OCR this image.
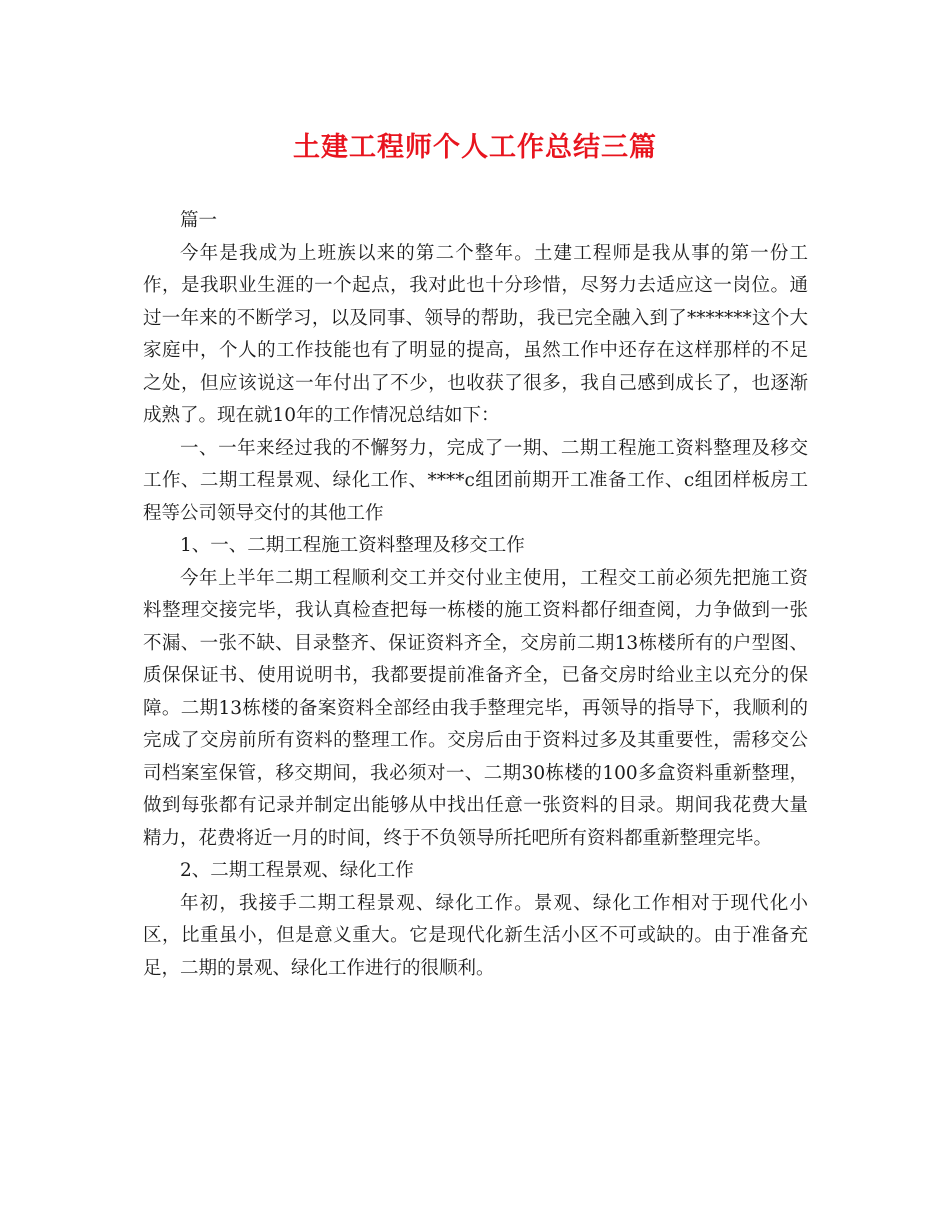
土建工程师个人工作总结三篇

篇一

今年是我成为上班族以来的第二个整年。土建工程师是我从事的第一份工作，是我职业生涯的一个起点，我对此也十分珍惜，尽努力去适应这一岗位。通过一年来的不断学习，以及同事、领导的帮助，我已完全融入到了*******这个大家庭中，个人的工作技能也有了明显的提高，虽然工作中还存在这样那样的不足之处，但应该说这一年付出了不少，也收获了很多，我自己感到成长了，也逐渐成熟了。现在就10年的工作情况总结如下：

一、一年来经过我的不懈努力，完成了一期、二期工程施工资料整理及移交工作、二期工程景观、绿化工作、****c组团前期开工准备工作、c组团样板房工程等公司领导交付的其他工作

1、一、二期工程施工资料整理及移交工作

今年上半年二期工程顺利交工并交付业主使用，工程交工前必须先把施工资料整理交接完毕，我认真检查把每一栋楼的施工资料都仔细查阅，力争做到一张不漏、一张不缺、目录整齐、保证资料齐全，交房前二期13栋楼所有的户型图、质保保证书、使用说明书，我都要提前准备齐全，已备交房时给业主以充分的保障。二期13栋楼的备案资料全部经由我手整理完毕，再领导的指导下，我顺利的完成了交房前所有资料的整理工作。交房后由于资料过多及其重要性，需移交公司档案室保管，移交期间，我必须对一、二期30栋楼的100多盒资料重新整理，做到每张都有记录并制定出能够从中找出任意一张资料的目录。期间我花费大量精力，花费将近一月的时间，终于不负领导所托吧所有资料都重新整理完毕。

2、二期工程景观、绿化工作

年初，我接手二期工程景观、绿化工作。景观、绿化工作相对于现代化小区，比重虽小，但是意义重大。它是现代化新生活小区不可或缺的。由于准备充足，二期的景观、绿化工作进行的很顺利。
